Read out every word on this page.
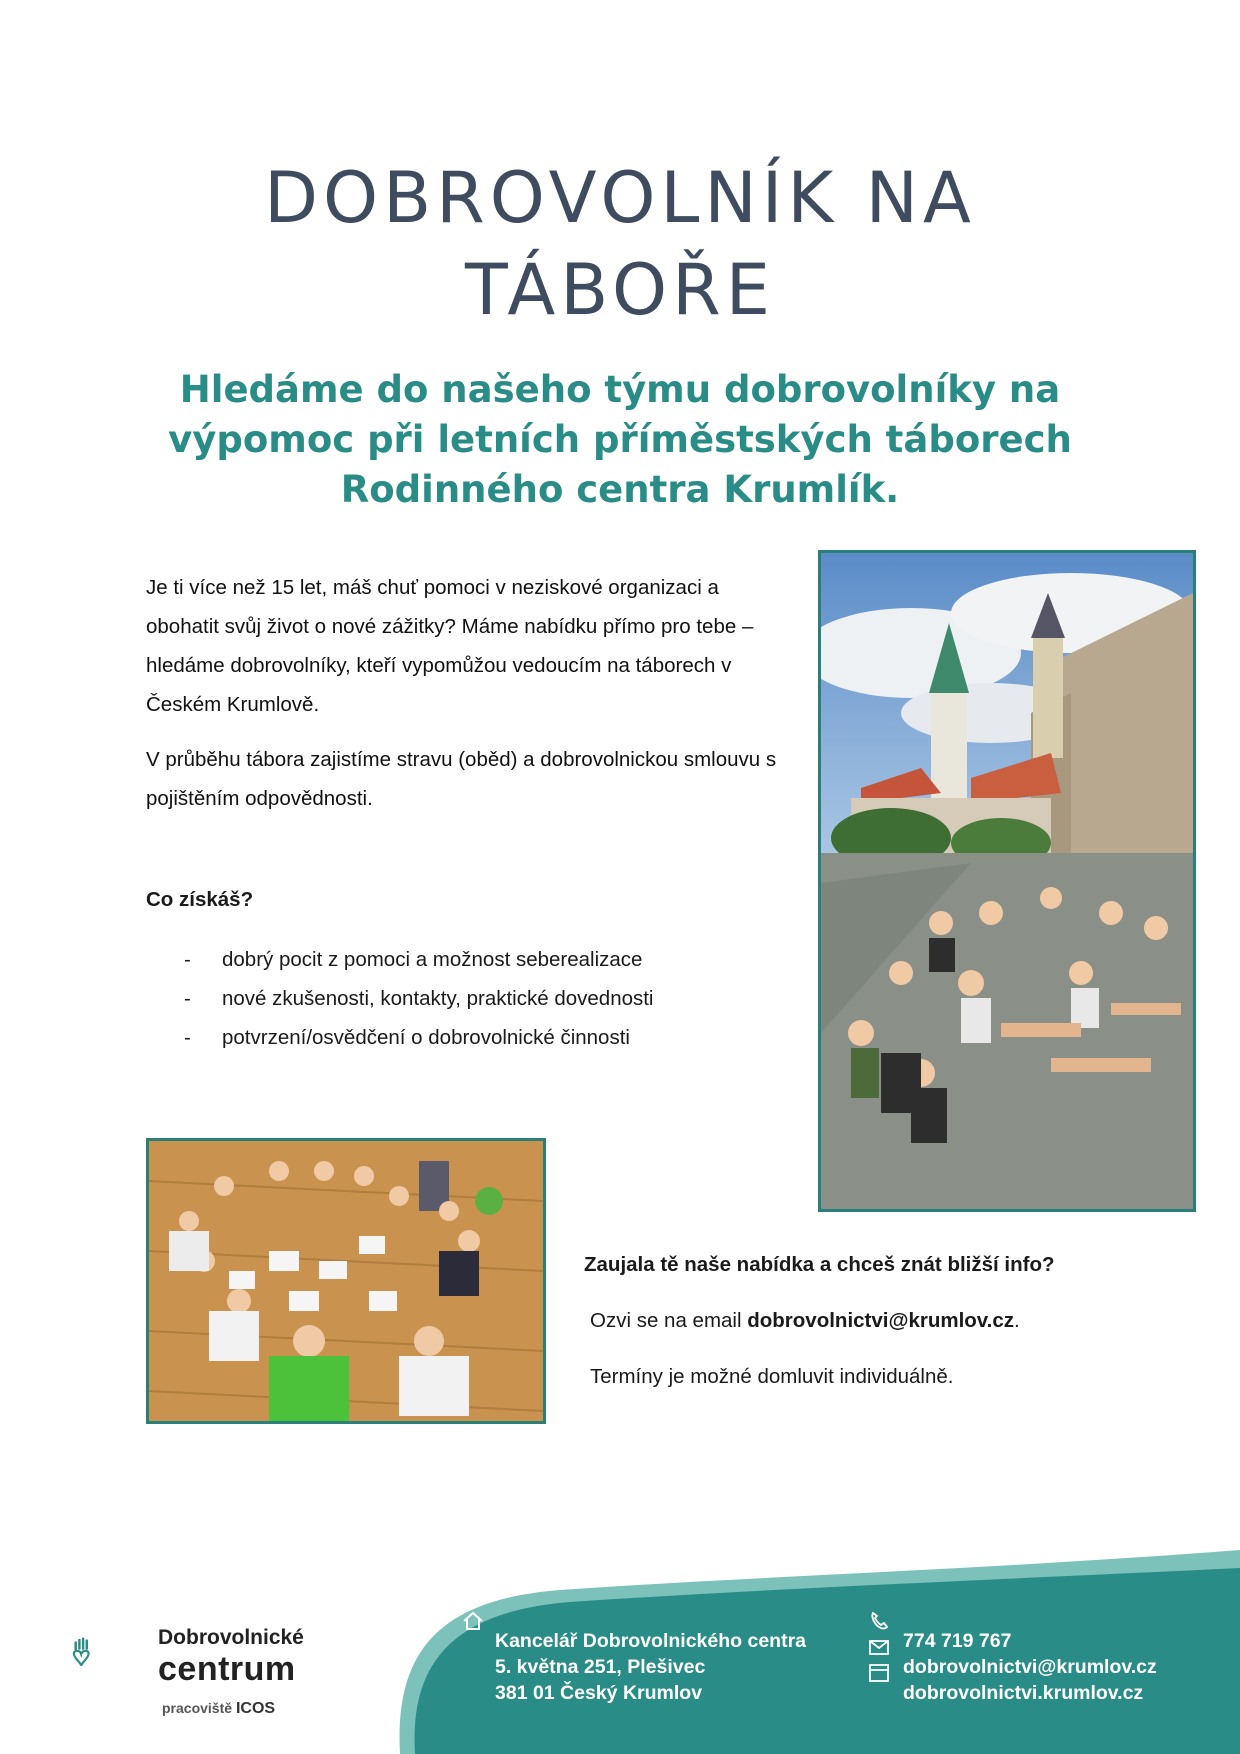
DOBROVOLNÍK NA
TÁBOŘE
Hledáme do našeho týmu dobrovolníky na
výpomoc při letních příměstských táborech
Rodinného centra Krumlík.

Je ti více než 15 let, máš chuť pomoci v neziskové organizaci a obohatit svůj život o nové zážitky? Máme nabídku přímo pro tebe – hledáme dobrovolníky, kteří vypomůžou vedoucím na táborech v Českém Krumlově.

V průběhu tábora zajistíme stravu (oběd) a dobrovolnickou smlouvu s pojištěním odpovědnosti.

Co získáš?

- dobrý pocit z pomoci a možnost seberealizace
- nové zkušenosti, kontakty, praktické dovednosti
- potvrzení/osvědčení o dobrovolnické činnosti

Zaujala tě naše nabídka a chceš znát bližší info?

Ozvi se na email dobrovolnictvi@krumlov.cz.

Termíny je možné domluvit individuálně.

Dobrovolnické

centrum

pracoviště ICOS

Kancelář Dobrovolnického centra
5. května 251, Plešivec
381 01 Český Krumlov
774 719 767
dobrovolnictvi@krumlov.cz
dobrovolnictvi.krumlov.cz
